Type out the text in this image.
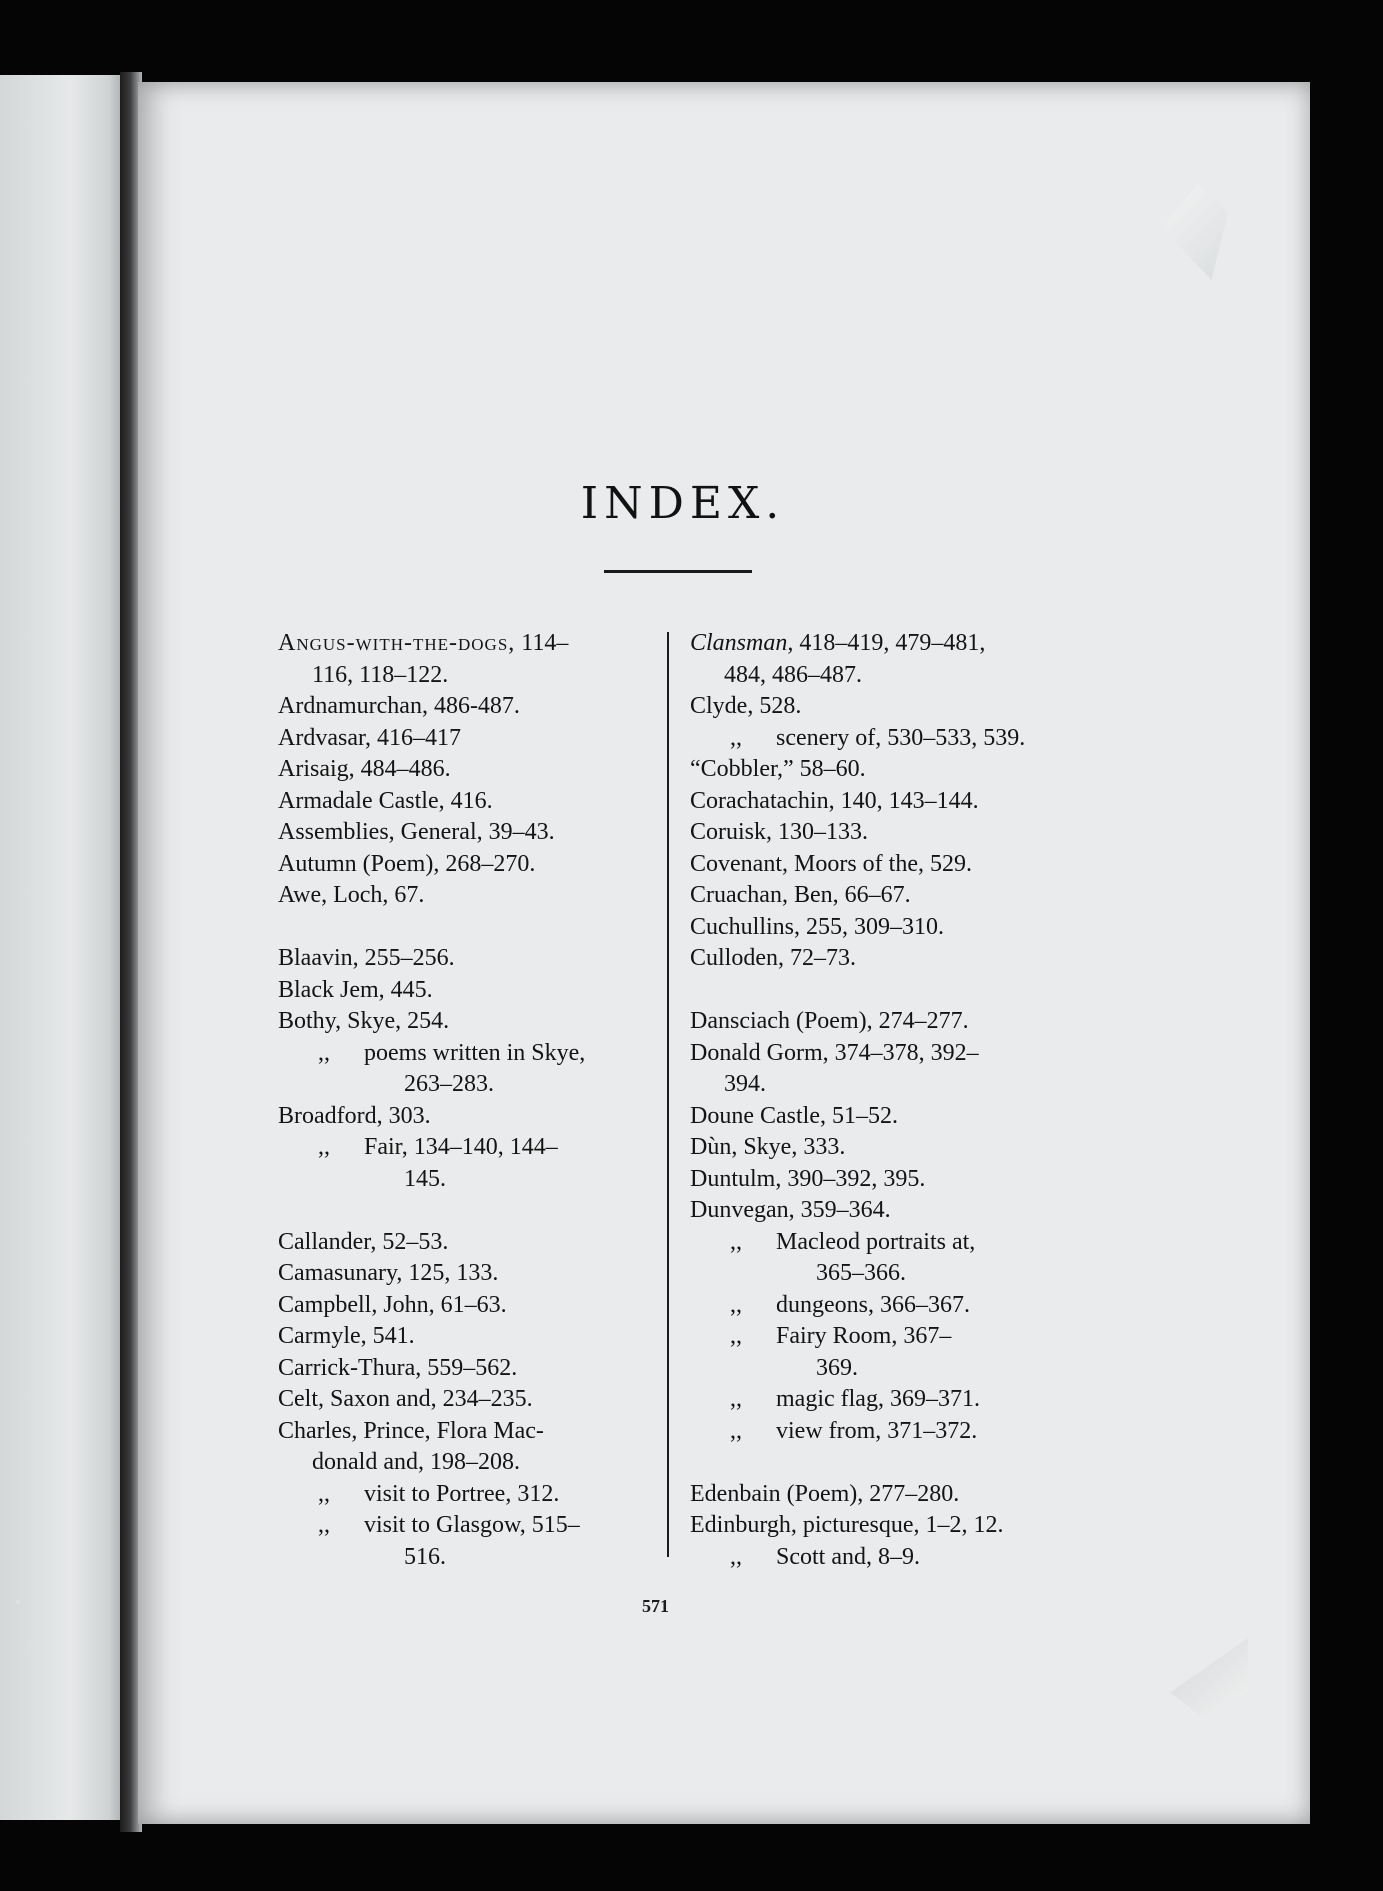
INDEX.
Angus-with-the-dogs, 114–
116, 118–122.
Ardnamurchan, 486-487.
Ardvasar, 416–417
Arisaig, 484–486.
Armadale Castle, 416.
Assemblies, General, 39–43.
Autumn (Poem), 268–270.
Awe, Loch, 67.
Blaavin, 255–256.
Black Jem, 445.
Bothy, Skye, 254.
,, poems written in Skye,
263–283.
Broadford, 303.
,, Fair, 134–140, 144–
145.
Callander, 52–53.
Camasunary, 125, 133.
Campbell, John, 61–63.
Carmyle, 541.
Carrick-Thura, 559–562.
Celt, Saxon and, 234–235.
Charles, Prince, Flora Mac-
donald and, 198–208.
,, visit to Portree, 312.
,, visit to Glasgow, 515–
516.
Clansman, 418–419, 479–481,
484, 486–487.
Clyde, 528.
,, scenery of, 530–533, 539.
“Cobbler,” 58–60.
Corachatachin, 140, 143–144.
Coruisk, 130–133.
Covenant, Moors of the, 529.
Cruachan, Ben, 66–67.
Cuchullins, 255, 309–310.
Culloden, 72–73.
Dansciach (Poem), 274–277.
Donald Gorm, 374–378, 392–
394.
Doune Castle, 51–52.
Dùn, Skye, 333.
Duntulm, 390–392, 395.
Dunvegan, 359–364.
,, Macleod portraits at,
365–366.
,, dungeons, 366–367.
,, Fairy Room, 367–
369.
,, magic flag, 369–371.
,, view from, 371–372.
Edenbain (Poem), 277–280.
Edinburgh, picturesque, 1–2, 12.
,, Scott and, 8–9.
571
